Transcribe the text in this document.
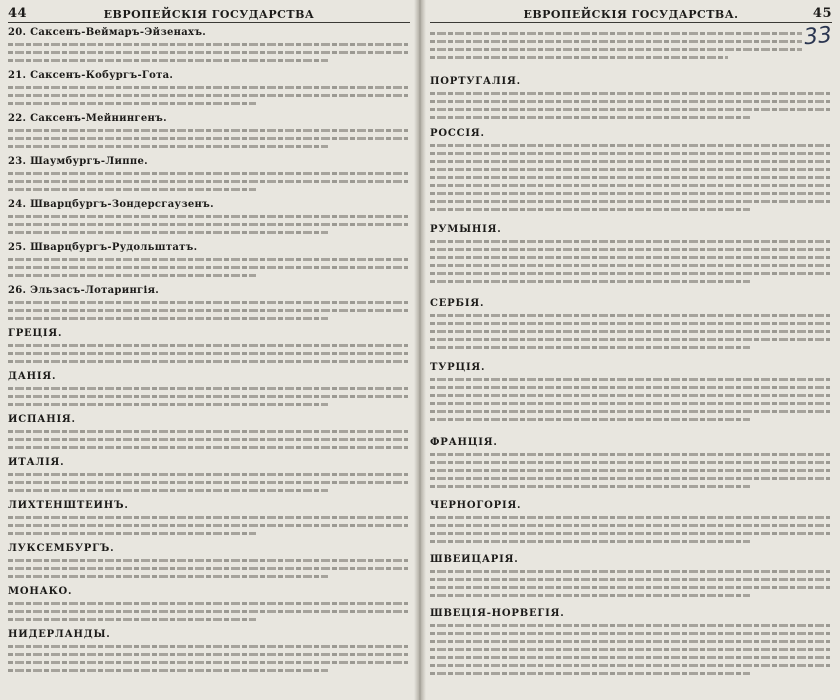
44	ЕВРОПЕЙСКІЯ ГОСУДАРСТВА
20. Саксенъ-Веймаръ-Эйзенахъ.
21. Саксенъ-Кобургъ-Гота.
22. Саксенъ-Мейнингенъ.
23. Шаумбургъ-Липпе.
24. Шварцбургъ-Зондерсгаузенъ.
25. Шварцбургъ-Рудольштатъ.
26. Эльзасъ-Лотарингія.
ГРЕЦІЯ.
ДАНІЯ.
ИСПАНІЯ.
ИТАЛІЯ.
ЛИХТЕНШТЕЙНЪ.
ЛУКСЕМБУРГЪ.
МОНАКО.
НИДЕРЛАНДЫ.
ЕВРОПЕЙСКІЯ ГОСУДАРСТВА.	45
33
ПОРТУГАЛІЯ.
РОССІЯ.
РУМЫНІЯ.
СЕРБІЯ.
ТУРЦІЯ.
ФРАНЦІЯ.
ЧЕРНОГОРІЯ.
ШВЕЙЦАРІЯ.
ШВЕЦІЯ-НОРВЕГІЯ.
